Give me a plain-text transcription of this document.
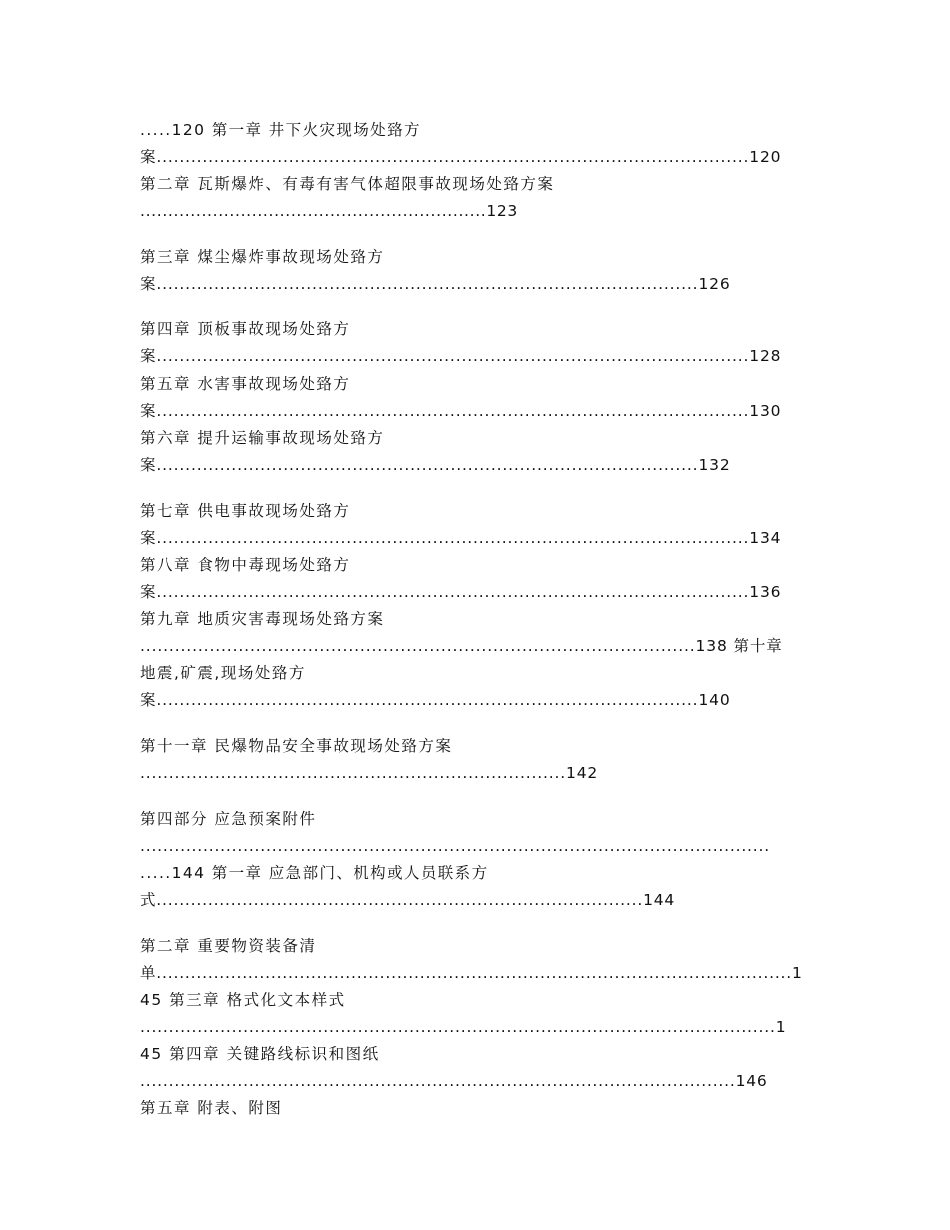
.....120 第一章 井下火灾现场处臵方
案.......................................................................................................120
第二章 瓦斯爆炸、有毒有害气体超限事故现场处臵方案
..............................................................123
第三章 煤尘爆炸事故现场处臵方
案..............................................................................................126
第四章 顶板事故现场处臵方
案.......................................................................................................128
第五章 水害事故现场处臵方
案.......................................................................................................130
第六章 提升运输事故现场处臵方
案..............................................................................................132
第七章 供电事故现场处臵方
案.......................................................................................................134
第八章 食物中毒现场处臵方
案.......................................................................................................136
第九章 地质灾害毒现场处臵方案
................................................................................................138 第十章
地震,矿震,现场处臵方
案..............................................................................................140
第十一章 民爆物品安全事故现场处臵方案
..........................................................................142
第四部分 应急预案附件
..............................................................................................................
.....144 第一章 应急部门、机构或人员联系方
式.....................................................................................144
第二章 重要物资装备清
单...............................................................................................................1
45 第三章 格式化文本样式
...............................................................................................................1
45 第四章 关键路线标识和图纸
........................................................................................................146
第五章 附表、附图
